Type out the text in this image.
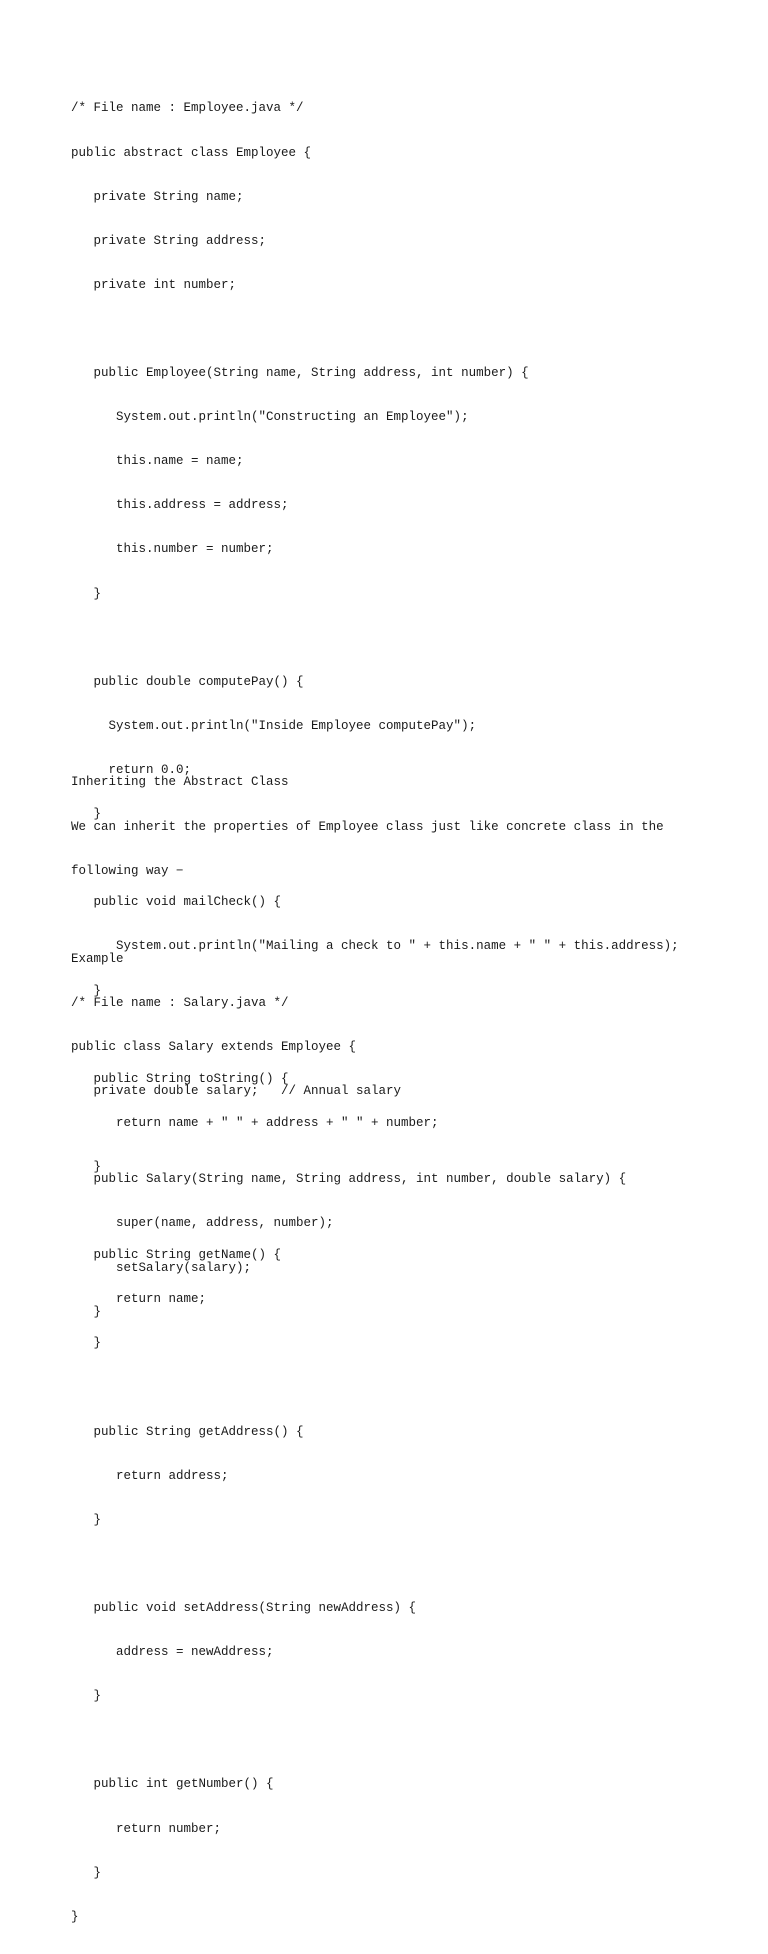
/* File name : Employee.java */

public abstract class Employee {

private String name;

private String address;

private int number;

public Employee(String name, String address, int number) {

System.out.println("Constructing an Employee");

this.name = name;

this.address = address;

this.number = number;

}

public double computePay() {

System.out.println("Inside Employee computePay");

return 0.0;

}

public void mailCheck() {

System.out.println("Mailing a check to " + this.name + " " + this.address);

}

public String toString() {

return name + " " + address + " " + number;

}

public String getName() {

return name;

}

public String getAddress() {

return address;

}

public void setAddress(String newAddress) {

address = newAddress;

}

public int getNumber() {

return number;

}

}

Inheriting the Abstract Class

We can inherit the properties of Employee class just like concrete class in the

following way −

Example

/* File name : Salary.java */

public class Salary extends Employee {

private double salary;   // Annual salary

public Salary(String name, String address, int number, double salary) {

super(name, address, number);

setSalary(salary);

}
